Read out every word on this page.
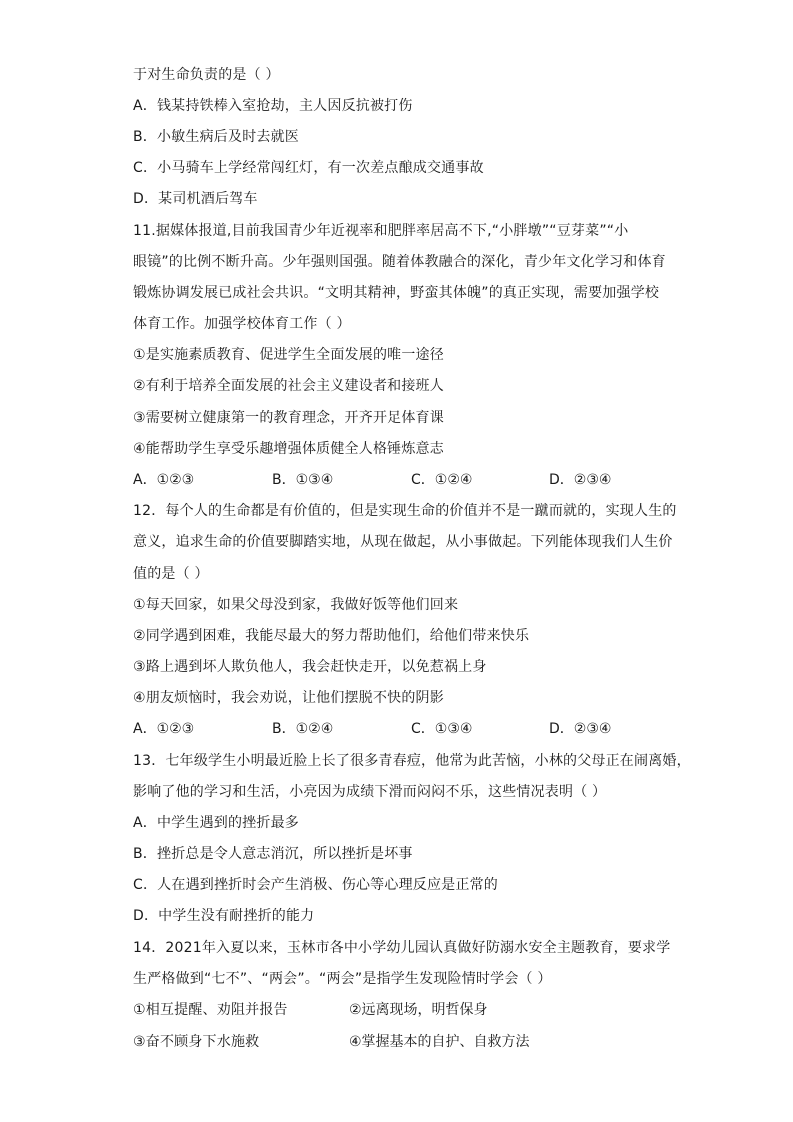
于对生命负责的是（ ）
A．钱某持铁棒入室抢劫，主人因反抗被打伤
B．小敏生病后及时去就医
C．小马骑车上学经常闯红灯，有一次差点酿成交通事故
D．某司机酒后驾车
11.据媒体报道,目前我国青少年近视率和肥胖率居高不下,“小胖墩”“豆芽菜”“小
眼镜”的比例不断升高。少年强则国强。随着体教融合的深化，青少年文化学习和体育
锻炼协调发展已成社会共识。“文明其精神，野蛮其体魄”的真正实现，需要加强学校
体育工作。加强学校体育工作（ ）
①是实施素质教育、促进学生全面发展的唯一途径
②有利于培养全面发展的社会主义建设者和接班人
③需要树立健康第一的教育理念，开齐开足体育课
④能帮助学生享受乐趣增强体质健全人格锤炼意志
A．①②③	B．①③④	C．①②④	D．②③④
12．每个人的生命都是有价值的，但是实现生命的价值并不是一蹴而就的，实现人生的
意义，追求生命的价值要脚踏实地，从现在做起，从小事做起。下列能体现我们人生价
值的是（ ）
①每天回家，如果父母没到家，我做好饭等他们回来
②同学遇到困难，我能尽最大的努力帮助他们，给他们带来快乐
③路上遇到坏人欺负他人，我会赶快走开，以免惹祸上身
④朋友烦恼时，我会劝说，让他们摆脱不快的阴影
A．①②③	B．①②④	C．①③④	D．②③④
13．七年级学生小明最近脸上长了很多青春痘，他常为此苦恼，小林的父母正在闹离婚，
影响了他的学习和生活，小亮因为成绩下滑而闷闷不乐，这些情况表明（ ）
A．中学生遇到的挫折最多
B．挫折总是令人意志消沉，所以挫折是坏事
C．人在遇到挫折时会产生消极、伤心等心理反应是正常的
D．中学生没有耐挫折的能力
14．2021年入夏以来，玉林市各中小学幼儿园认真做好防溺水安全主题教育，要求学
生严格做到“七不”、“两会”。“两会”是指学生发现险情时学会（ ）
①相互提醒、劝阻并报告	②远离现场，明哲保身
③奋不顾身下水施救	④掌握基本的自护、自救方法
